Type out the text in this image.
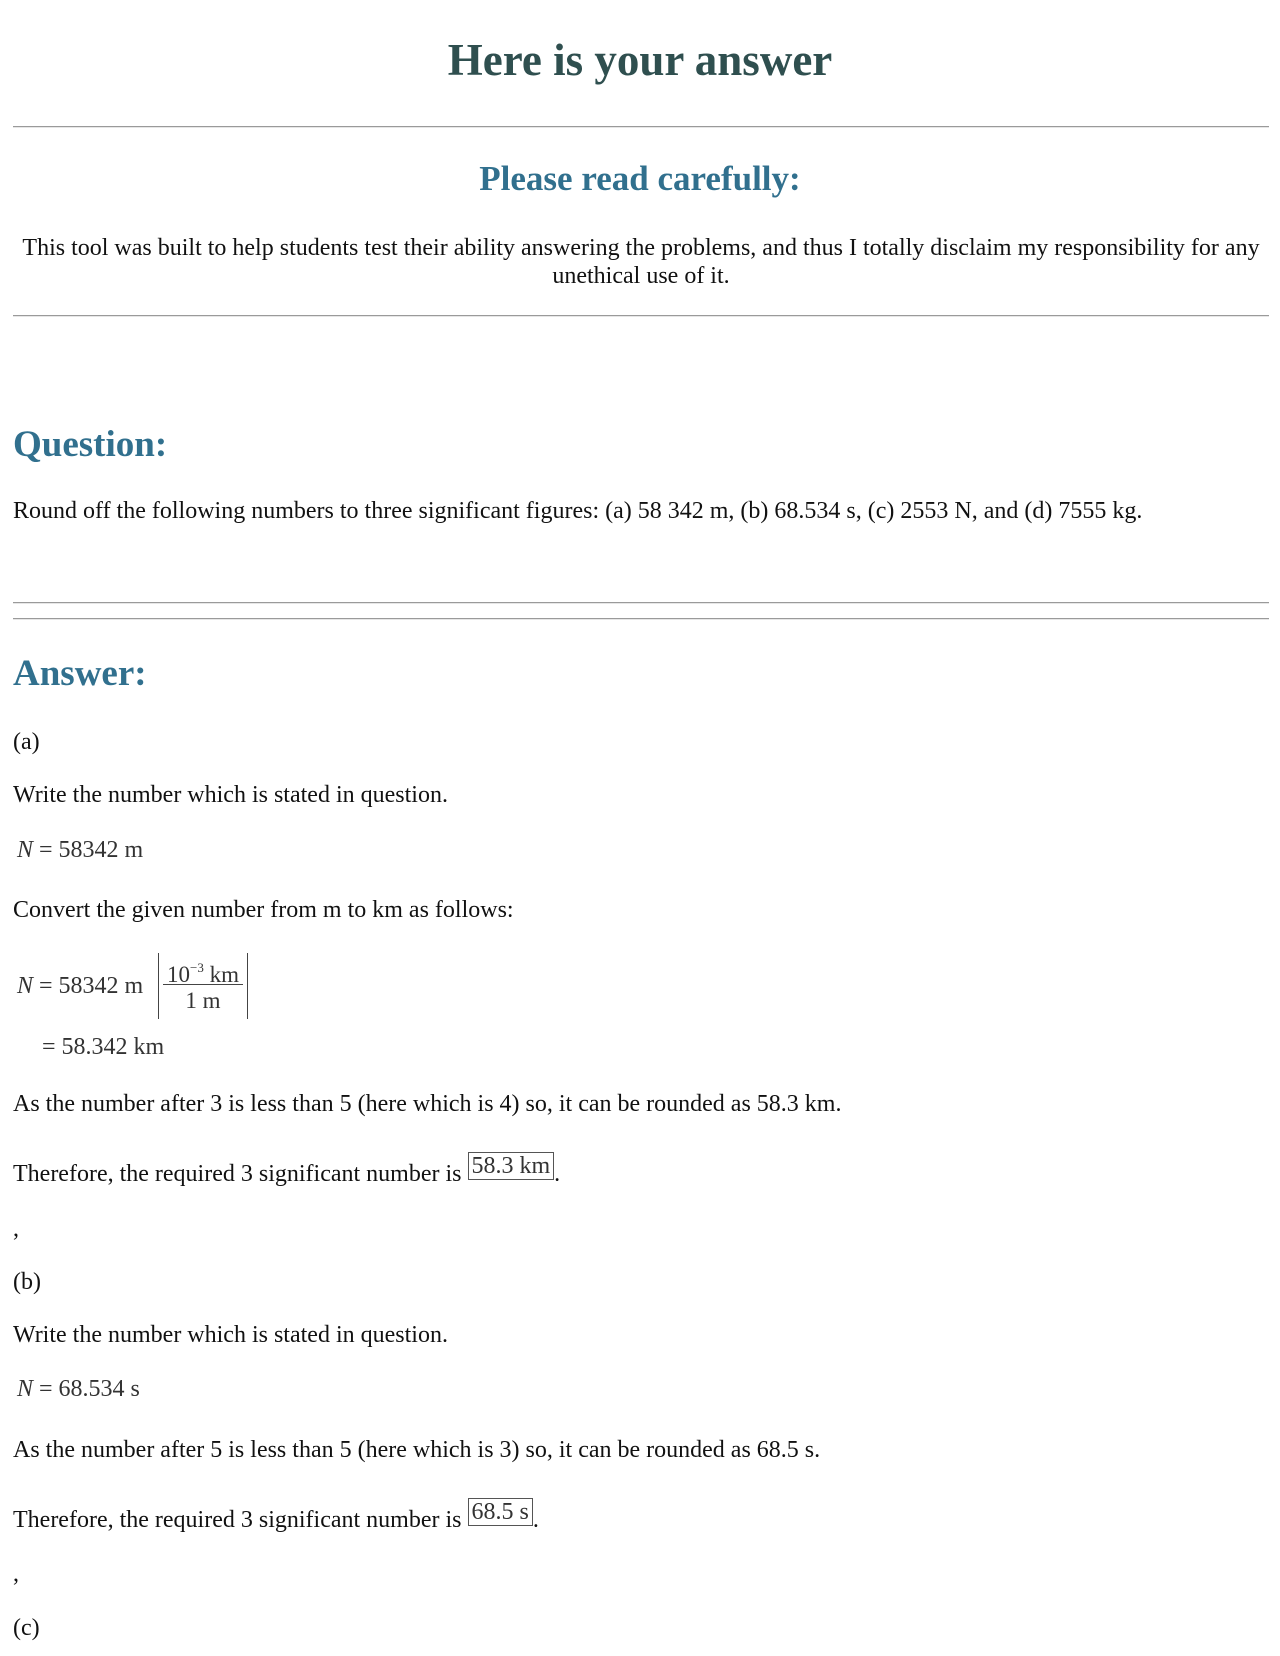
Here is your answer
Please read carefully:
This tool was built to help students test their ability answering the problems, and thus I totally disclaim my responsibility for any unethical use of it.
Question:
Round off the following numbers to three significant figures: (a) 58 342 m, (b) 68.534 s, (c) 2553 N, and (d) 7555 kg.
Answer:
(a)
Write the number which is stated in question.
N = 58342 m
Convert the given number from m to km as follows:
N = 58342 m $10^{-3}$ km
1 m
= 58.342 km
As the number after 3 is less than 5 (here which is 4) so, it can be rounded as 58.3 km.
Therefore, the required 3 significant number is 58.3 km .
,
(b)
Write the number which is stated in question.
N = 68.534 s
As the number after 5 is less than 5 (here which is 3) so, it can be rounded as 68.5 s.
Therefore, the required 3 significant number is 68.5 s .
,
(c)
